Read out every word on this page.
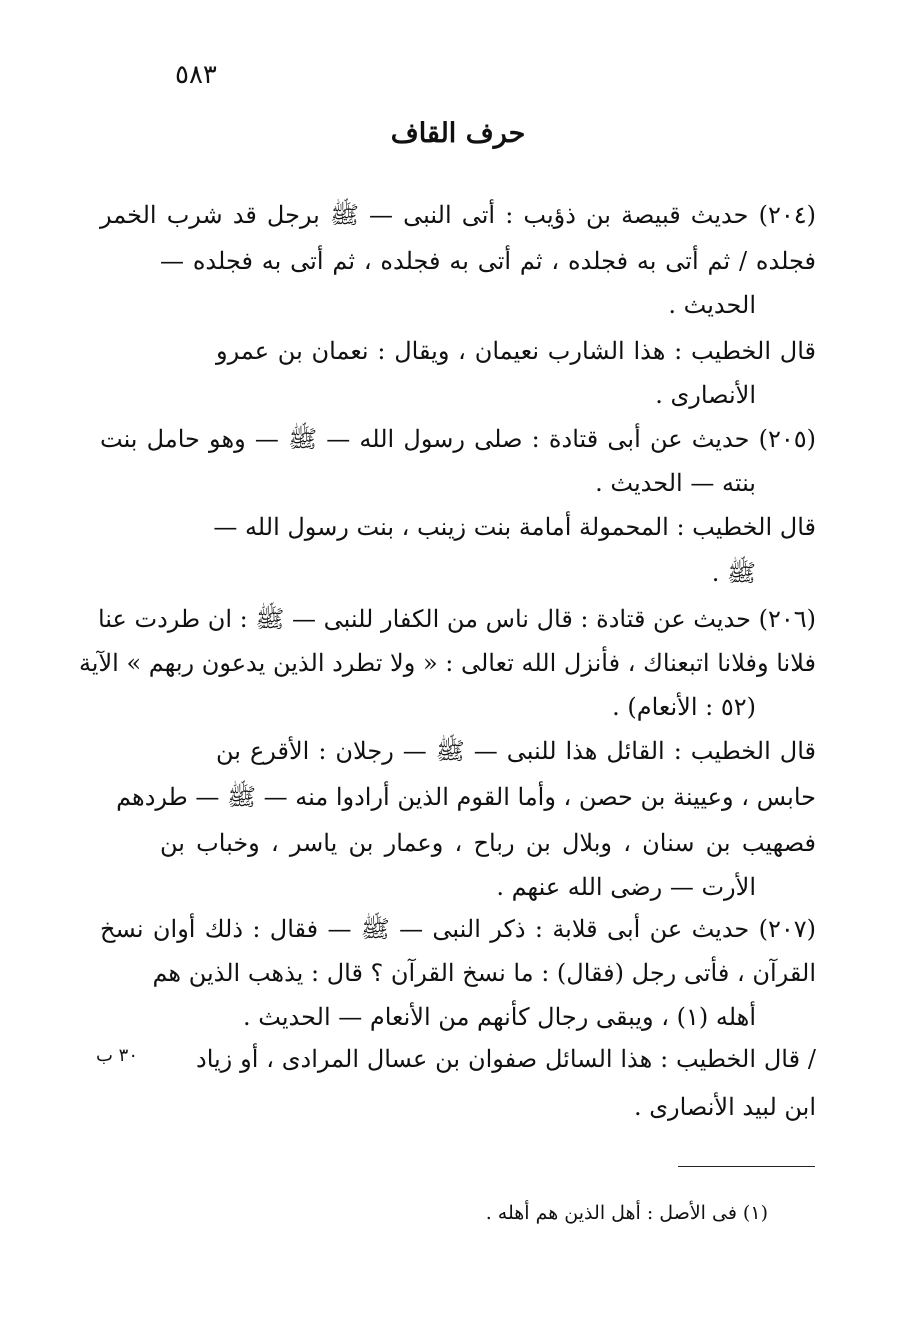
٥٨٣
حرف القاف
(٢٠٤) حديث قبيصة بن ذؤيب : أتى النبى — ﷺ برجل قد شرب الخمر
فجلده / ثم أتى به فجلده ، ثم أتى به فجلده ، ثم أتى به فجلده —
الحديث .
قال الخطيب : هذا الشارب نعيمان ، ويقال : نعمان بن عمرو
الأنصارى .
(٢٠٥) حديث عن أبى قتادة : صلى رسول الله — ﷺ — وهو حامل بنت
بنته — الحديث .
قال الخطيب : المحمولة أمامة بنت زينب ، بنت رسول الله —
ﷺ .
(٢٠٦) حديث عن قتادة : قال ناس من الكفار للنبى — ﷺ : ان طردت عنا
فلانا وفلانا اتبعناك ، فأنزل الله تعالى : « ولا تطرد الذين يدعون ربهم » الآية
(٥٢ : الأنعام) .
قال الخطيب : القائل هذا للنبى — ﷺ — رجلان : الأقرع بن
حابس ، وعيينة بن حصن ، وأما القوم الذين أرادوا منه — ﷺ — طردهم
فصهيب بن سنان ، وبلال بن رباح ، وعمار بن ياسر ، وخباب بن
الأرت — رضى الله عنهم .
(٢٠٧) حديث عن أبى قلابة : ذكر النبى — ﷺ — فقال : ذلك أوان نسخ
القرآن ، فأتى رجل (فقال) : ما نسخ القرآن ؟ قال : يذهب الذين هم
أهله (١) ، ويبقى رجال كأنهم من الأنعام — الحديث .
/ قال الخطيب : هذا السائل صفوان بن عسال المرادى ، أو زياد
ابن لبيد الأنصارى .
٣٠ ب
(١) فى الأصل : أهل الذين هم أهله .
